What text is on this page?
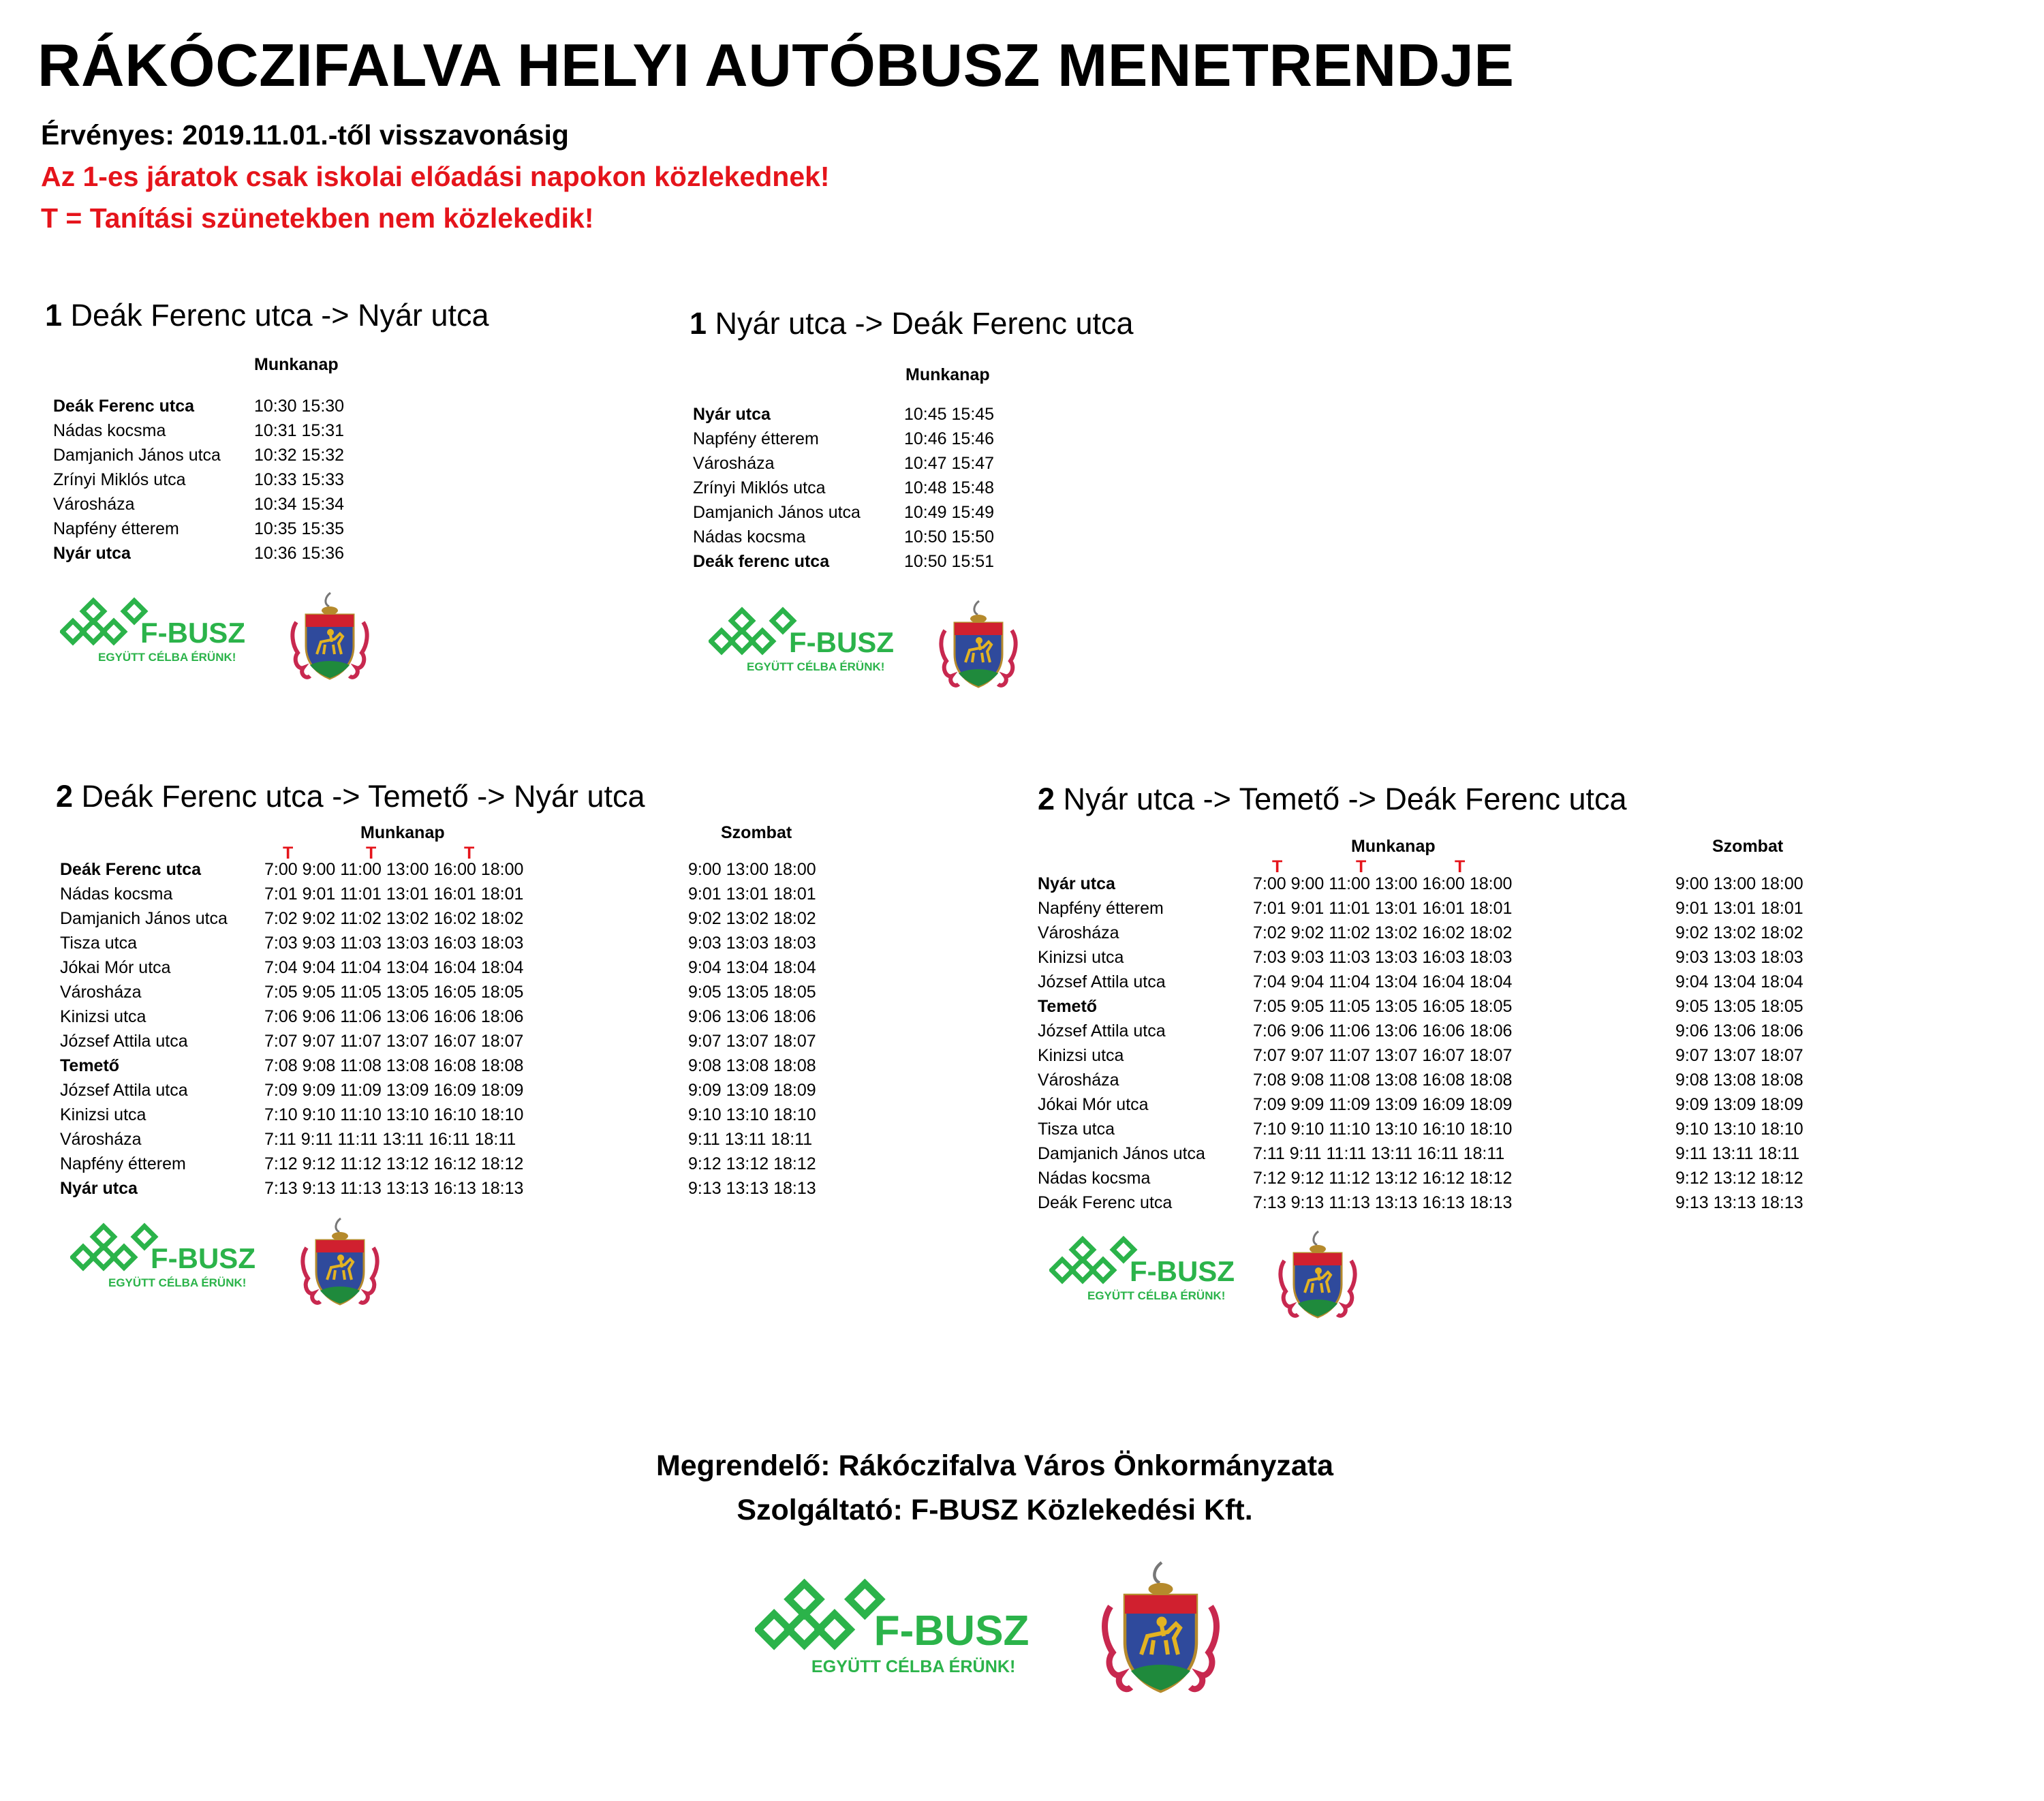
RÁKÓCZIFALVA HELYI AUTÓBUSZ MENETRENDJE
Érvényes: 2019.11.01.-től visszavonásig
Az 1-es járatok csak iskolai előadási napokon közlekednek!
T = Tanítási szünetekben nem közlekedik!
1 Deák Ferenc utca -> Nyár utca
Munkanap
Deák Ferenc utca	10:30 15:30
Nádas kocsma	10:31 15:31
Damjanich János utca 10:32 15:32
Zrínyi Miklós utca	10:33 15:33
Városháza	10:34 15:34
Napfény étterem	10:35 15:35
Nyár utca	10:36 15:36
1 Nyár utca -> Deák Ferenc utca
Munkanap
Nyár utca	10:45 15:45
Napfény étterem	10:46 15:46
Városháza	10:47 15:47
Zrínyi Miklós utca	10:48 15:48
Damjanich János utca	10:49 15:49
Nádas kocsma	10:50 15:50
Deák ferenc utca	10:50 15:51
2 Deák Ferenc utca -> Temető -> Nyár utca
Munkanap	Szombat
T	T	T
Deák Ferenc utca	7:00 9:00 11:00 13:00 16:00 18:00	9:00 13:00 18:00
Nádas kocsma	7:01 9:01 11:01 13:01 16:01 18:01	9:01 13:01 18:01
Damjanich János utca 7:02 9:02 11:02 13:02 16:02 18:02	9:02 13:02 18:02
Tisza utca	7:03 9:03 11:03 13:03 16:03 18:03	9:03 13:03 18:03
Jókai Mór utca	7:04 9:04 11:04 13:04 16:04 18:04	9:04 13:04 18:04
Városháza	7:05 9:05 11:05 13:05 16:05 18:05	9:05 13:05 18:05
Kinizsi utca	7:06 9:06 11:06 13:06 16:06 18:06	9:06 13:06 18:06
József Attila utca	7:07 9:07 11:07 13:07 16:07 18:07	9:07 13:07 18:07
Temető	7:08 9:08 11:08 13:08 16:08 18:08	9:08 13:08 18:08
József Attila utca	7:09 9:09 11:09 13:09 16:09 18:09	9:09 13:09 18:09
Kinizsi utca	7:10 9:10 11:10 13:10 16:10 18:10	9:10 13:10 18:10
Városháza	7:11 9:11 11:11 13:11 16:11 18:11	9:11 13:11 18:11
Napfény étterem	7:12 9:12 11:12 13:12 16:12 18:12	9:12 13:12 18:12
Nyár utca	7:13 9:13 11:13 13:13 16:13 18:13	9:13 13:13 18:13
2 Nyár utca -> Temető -> Deák Ferenc utca
Munkanap	Szombat
T	T	T
Nyár utca	7:00 9:00 11:00 13:00 16:00 18:00	9:00 13:00 18:00
Napfény étterem	7:01 9:01 11:01 13:01 16:01 18:01	9:01 13:01 18:01
Városháza	7:02 9:02 11:02 13:02 16:02 18:02	9:02 13:02 18:02
Kinizsi utca	7:03 9:03 11:03 13:03 16:03 18:03	9:03 13:03 18:03
József Attila utca	7:04 9:04 11:04 13:04 16:04 18:04	9:04 13:04 18:04
Temető	7:05 9:05 11:05 13:05 16:05 18:05	9:05 13:05 18:05
József Attila utca	7:06 9:06 11:06 13:06 16:06 18:06	9:06 13:06 18:06
Kinizsi utca	7:07 9:07 11:07 13:07 16:07 18:07	9:07 13:07 18:07
Városháza	7:08 9:08 11:08 13:08 16:08 18:08	9:08 13:08 18:08
Jókai Mór utca	7:09 9:09 11:09 13:09 16:09 18:09	9:09 13:09 18:09
Tisza utca	7:10 9:10 11:10 13:10 16:10 18:10	9:10 13:10 18:10
Damjanich János utca	7:11 9:11 11:11 13:11 16:11 18:11	9:11 13:11 18:11
Nádas kocsma	7:12 9:12 11:12 13:12 16:12 18:12	9:12 13:12 18:12
Deák Ferenc utca	7:13 9:13 11:13 13:13 16:13 18:13	9:13 13:13 18:13
Megrendelő: Rákóczifalva Város Önkormányzata
Szolgáltató: F-BUSZ Közlekedési Kft.
F-BUSZ
EGYÜTT CÉLBA ÉRÜNK!	F-BUSZ
EGYÜTT CÉLBA ÉRÜNK!
F-BUSZ
EGYÜTT CÉLBA ÉRÜNK!	F-BUSZ
EGYÜTT CÉLBA ÉRÜNK!
F-BUSZ
EGYÜTT CÉLBA ÉRÜNK!
